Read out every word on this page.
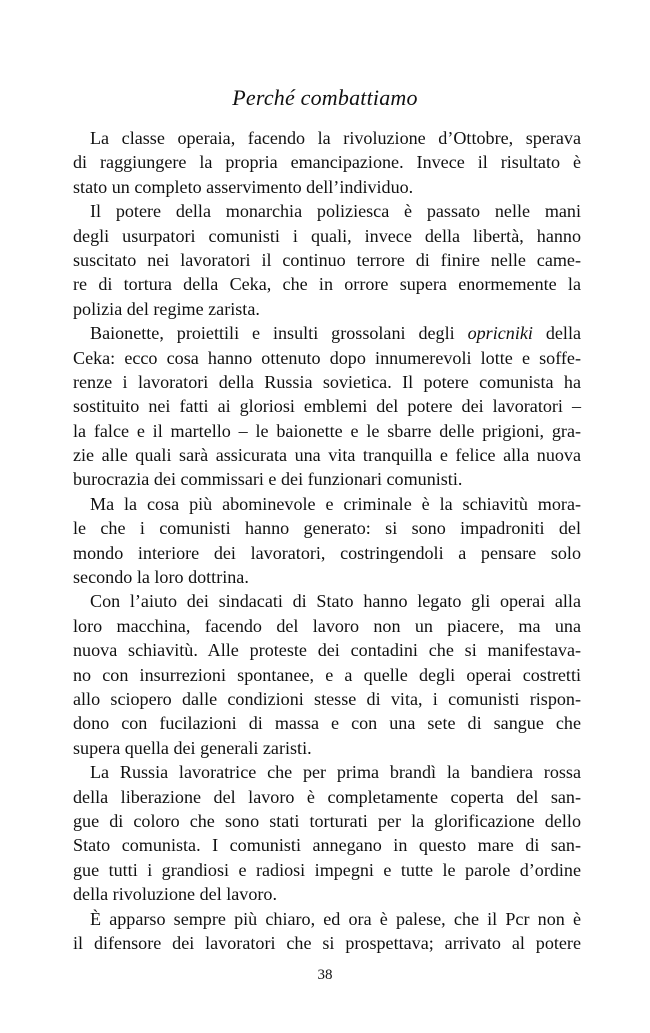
Perché combattiamo
La classe operaia, facendo la rivoluzione d’Ottobre, sperava
di raggiungere la propria emancipazione. Invece il risultato è
stato un completo asservimento dell’individuo.
Il potere della monarchia poliziesca è passato nelle mani
degli usurpatori comunisti i quali, invece della libertà, hanno
suscitato nei lavoratori il continuo terrore di finire nelle came-
re di tortura della Ceka, che in orrore supera enormemente la
polizia del regime zarista.
Baionette, proiettili e insulti grossolani degli opricniki della
Ceka: ecco cosa hanno ottenuto dopo innumerevoli lotte e soffe-
renze i lavoratori della Russia sovietica. Il potere comunista ha
sostituito nei fatti ai gloriosi emblemi del potere dei lavoratori –
la falce e il martello – le baionette e le sbarre delle prigioni, gra-
zie alle quali sarà assicurata una vita tranquilla e felice alla nuova
burocrazia dei commissari e dei funzionari comunisti.
Ma la cosa più abominevole e criminale è la schiavitù mora-
le che i comunisti hanno generato: si sono impadroniti del
mondo interiore dei lavoratori, costringendoli a pensare solo
secondo la loro dottrina.
Con l’aiuto dei sindacati di Stato hanno legato gli operai alla
loro macchina, facendo del lavoro non un piacere, ma una
nuova schiavitù. Alle proteste dei contadini che si manifestava-
no con insurrezioni spontanee, e a quelle degli operai costretti
allo sciopero dalle condizioni stesse di vita, i comunisti rispon-
dono con fucilazioni di massa e con una sete di sangue che
supera quella dei generali zaristi.
La Russia lavoratrice che per prima brandì la bandiera rossa
della liberazione del lavoro è completamente coperta del san-
gue di coloro che sono stati torturati per la glorificazione dello
Stato comunista. I comunisti annegano in questo mare di san-
gue tutti i grandiosi e radiosi impegni e tutte le parole d’ordine
della rivoluzione del lavoro.
È apparso sempre più chiaro, ed ora è palese, che il Pcr non è
il difensore dei lavoratori che si prospettava; arrivato al potere
38
